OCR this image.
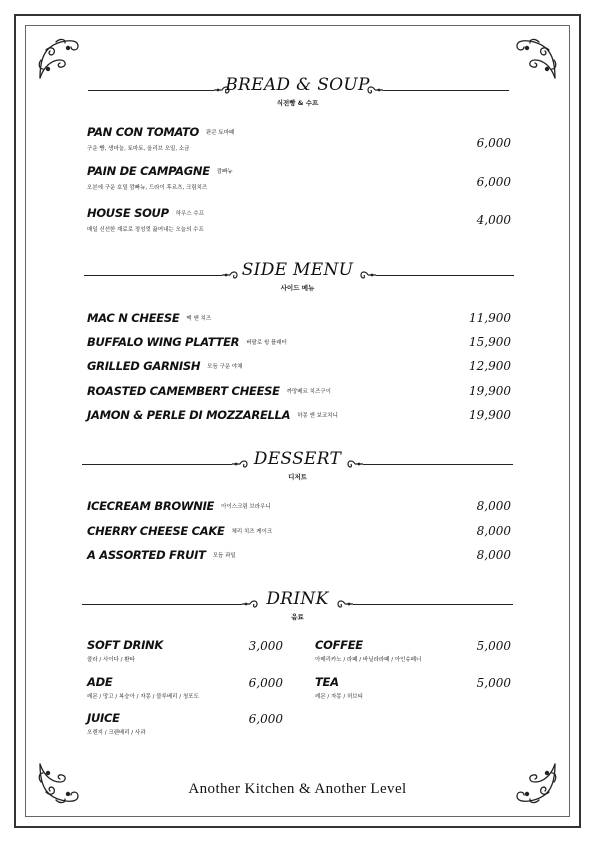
BREAD & SOUP
식전빵 & 수프
PAN CON TOMATO 판콘 토마떼
구운 빵, 생마늘, 토마토, 올리브 오일, 소금	6,000
PAIN DE CAMPAGNE 깜빠뉴
오븐에 구운 호밀 깜빠뉴, 드라이 후르츠, 크림치즈	6,000
HOUSE SOUP 하우스 수프
매일 신선한 재료로 정성껏 끓여내는 오늘의 수프
4,000
SIDE MENU
사이드 메뉴
MAC N CHEESE 맥 앤 치즈	11,900
BUFFALO WING PLATTER 버팔로 윙 플래터	15,900
GRILLED GARNISH 모듬 구운 야채	12,900
ROASTED CAMEMBERT CHEESE 까망베르 치즈구이	19,900
JAMON & PERLE DI MOZZARELLA 하몽 앤 보코치니	19,900
DESSERT
디저트
ICECREAM BROWNIE 아이스크림 브라우니	8,000
CHERRY CHEESE CAKE 체리 치즈 케이크	8,000
A ASSORTED FRUIT 모듬 과일	8,000
DRINK
음료
SOFT DRINK
콜라 / 사이다 / 환타
3,000
ADE
레몬 / 망고 / 복숭아 / 자몽 / 블루베리 / 청포도
6,000
JUICE
오렌지 / 크랜베리 / 사과
6,000
COFFEE
아메리카노 / 라떼 / 바닐라라떼 / 아인슈페너
5,000
TEA
레몬 / 자몽 / 허브티
5,000
Another Kitchen & Another Level
